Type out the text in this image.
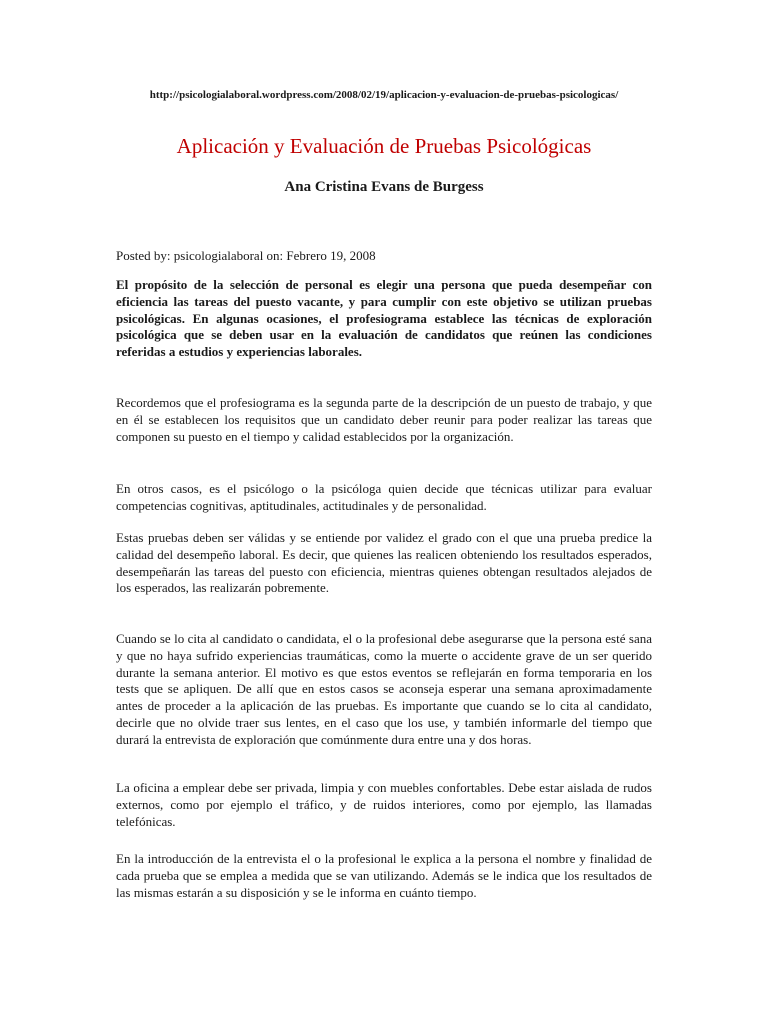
http://psicologialaboral.wordpress.com/2008/02/19/aplicacion-y-evaluacion-de-pruebas-psicologicas/
Aplicación y Evaluación de Pruebas Psicológicas
Ana Cristina Evans de Burgess
Posted by: psicologialaboral on: Febrero 19, 2008

El propósito de la selección de personal es elegir una persona que pueda desempeñar con eficiencia las tareas del puesto vacante, y para cumplir con este objetivo se utilizan pruebas psicológicas. En algunas ocasiones, el profesiograma establece las técnicas de exploración psicológica que se deben usar en la evaluación de candidatos que reúnen las condiciones referidas a estudios y experiencias laborales.

Recordemos que el profesiograma es la segunda parte de la descripción de un puesto de trabajo, y que en él se establecen los requisitos que un candidato deber reunir para poder realizar las tareas que componen su puesto en el tiempo y calidad establecidos por la organización.

En otros casos, es el psicólogo o la psicóloga quien decide que técnicas utilizar para evaluar competencias cognitivas, aptitudinales, actitudinales y de personalidad.

Estas pruebas deben ser válidas y se entiende por validez el grado con el que una prueba predice la calidad del desempeño laboral. Es decir, que quienes las realicen obteniendo los resultados esperados, desempeñarán las tareas del puesto con eficiencia, mientras quienes obtengan resultados alejados de los esperados, las realizarán pobremente.

Cuando se lo cita al candidato o candidata, el o la profesional debe asegurarse que la persona esté sana y que no haya sufrido experiencias traumáticas, como la muerte o accidente grave de un ser querido durante la semana anterior. El motivo es que estos eventos se reflejarán en forma temporaria en los tests que se apliquen. De allí que en estos casos se aconseja esperar una semana aproximadamente antes de proceder a la aplicación de las pruebas. Es importante que cuando se lo cita al candidato, decirle que no olvide traer sus lentes, en el caso que los use, y también informarle del tiempo que durará la entrevista de exploración que comúnmente dura entre una y dos horas.

La oficina a emplear debe ser privada, limpia y con muebles confortables. Debe estar aislada de rudos externos, como por ejemplo el tráfico, y de ruidos interiores, como por ejemplo, las llamadas telefónicas.

En la introducción de la entrevista el o la profesional le explica a la persona el nombre y finalidad de cada prueba que se emplea a medida que se van utilizando. Además se le indica que los resultados de las mismas estarán a su disposición y se le informa en cuánto tiempo.
